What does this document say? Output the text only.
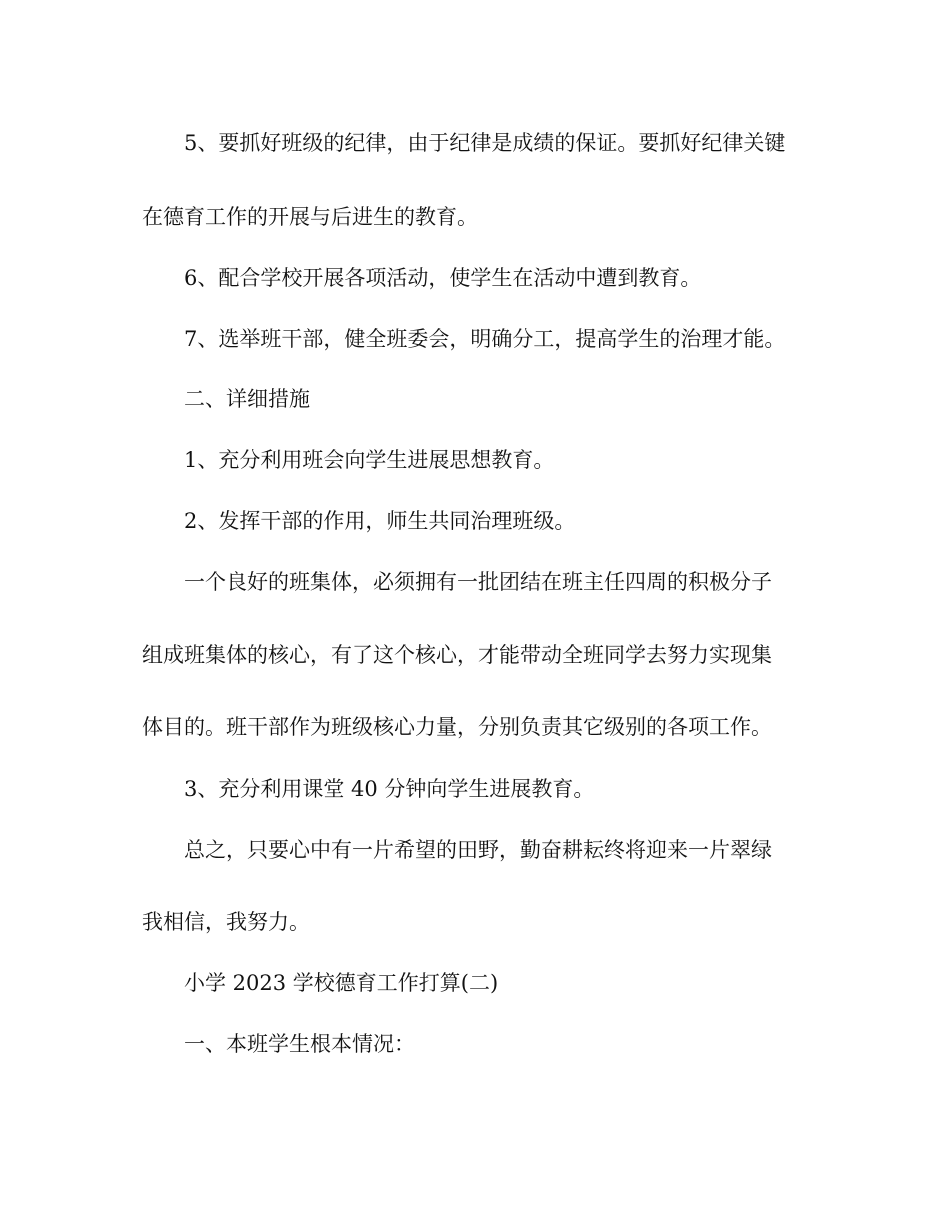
5、要抓好班级的纪律，由于纪律是成绩的保证。要抓好纪律关键
在德育工作的开展与后进生的教育。
6、配合学校开展各项活动，使学生在活动中遭到教育。
7、选举班干部，健全班委会，明确分工，提高学生的治理才能。
二、详细措施
1、充分利用班会向学生进展思想教育。
2、发挥干部的作用，师生共同治理班级。
一个良好的班集体，必须拥有一批团结在班主任四周的积极分子
组成班集体的核心，有了这个核心，才能带动全班同学去努力实现集
体目的。班干部作为班级核心力量，分别负责其它级别的各项工作。
3、充分利用课堂 40 分钟向学生进展教育。
总之，只要心中有一片希望的田野，勤奋耕耘终将迎来一片翠绿
我相信，我努力。
小学 2023 学校德育工作打算(二)
一、本班学生根本情况：
